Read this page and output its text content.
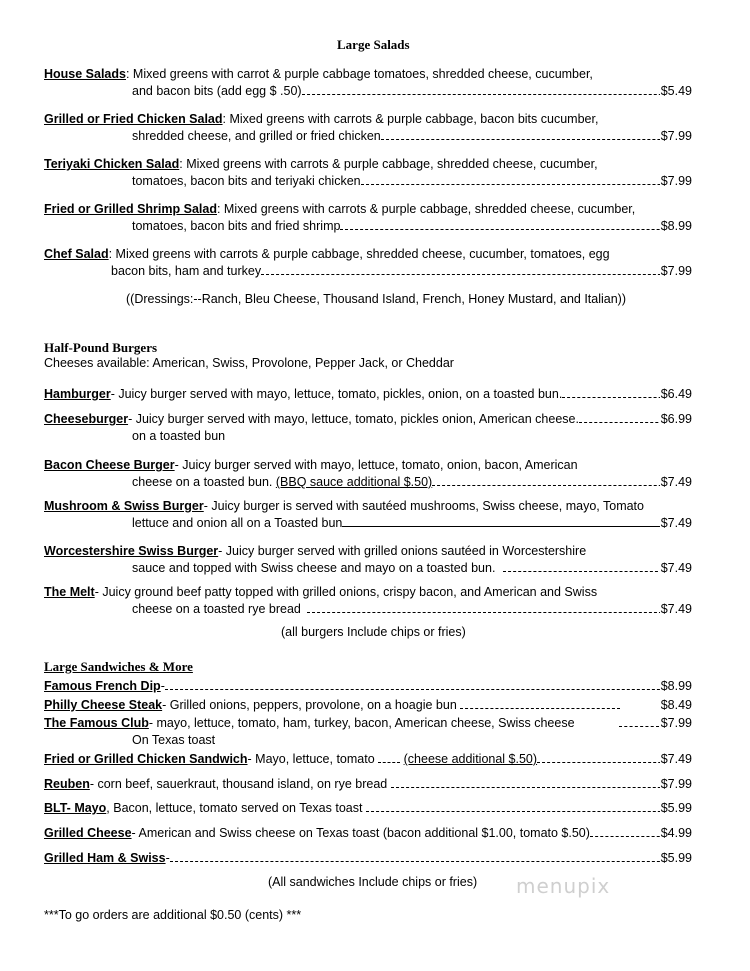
Large Salads
House Salads: Mixed greens with carrot & purple cabbage tomatoes, shredded cheese, cucumber,
and bacon bits (add egg $ .50)	$5.49
Grilled or Fried Chicken Salad: Mixed greens with carrots & purple cabbage, bacon bits cucumber,
shredded cheese, and grilled or fried chicken	$7.99
Teriyaki Chicken Salad: Mixed greens with carrots & purple cabbage, shredded cheese, cucumber,
tomatoes, bacon bits and teriyaki chicken	$7.99
Fried or Grilled Shrimp Salad: Mixed greens with carrots & purple cabbage, shredded cheese, cucumber,
tomatoes, bacon bits and fried shrimp	$8.99
Chef Salad: Mixed greens with carrots & purple cabbage, shredded cheese, cucumber, tomatoes, egg
bacon bits, ham and turkey	$7.99
((Dressings:--Ranch, Bleu Cheese, Thousand Island, French, Honey Mustard, and Italian))
Half-Pound Burgers
Cheeses available: American, Swiss, Provolone, Pepper Jack, or Cheddar
Hamburger- Juicy burger served with mayo, lettuce, tomato, pickles, onion, on a toasted bun.	$6.49
Cheeseburger- Juicy burger served with mayo, lettuce, tomato, pickles onion, American cheese.	$6.99
on a toasted bun
Bacon Cheese Burger- Juicy burger served with mayo, lettuce, tomato, onion, bacon, American
cheese on a toasted bun. (BBQ sauce additional $.50)	$7.49
Mushroom & Swiss Burger- Juicy burger is served with sautéed mushrooms, Swiss cheese, mayo, Tomato
lettuce and onion all on a Toasted bun	$7.49
Worcestershire Swiss Burger- Juicy burger served with grilled onions sautéed in Worcestershire
sauce and topped with Swiss cheese and mayo on a toasted bun.	$7.49
The Melt- Juicy ground beef patty topped with grilled onions, crispy bacon, and American and Swiss
cheese on a toasted rye bread	$7.49
(all burgers Include chips or fries)
Large Sandwiches & More
Famous French Dip-	$8.99
Philly Cheese Steak- Grilled onions, peppers, provolone, on a hoagie bun	$8.49
The Famous Club- mayo, lettuce, tomato, ham, turkey, bacon, American cheese, Swiss cheese	$7.99
On Texas toast
Fried or Grilled Chicken Sandwich- Mayo, lettuce, tomato (cheese additional $.50)	$7.49
Reuben- corn beef, sauerkraut, thousand island, on rye bread	$7.99
BLT- Mayo, Bacon, lettuce, tomato served on Texas toast	$5.99
Grilled Cheese- American and Swiss cheese on Texas toast (bacon additional $1.00, tomato $.50)	$4.99
Grilled Ham & Swiss-	$5.99
(All sandwiches Include chips or fries)
***To go orders are additional $0.50 (cents) ***
menupix
